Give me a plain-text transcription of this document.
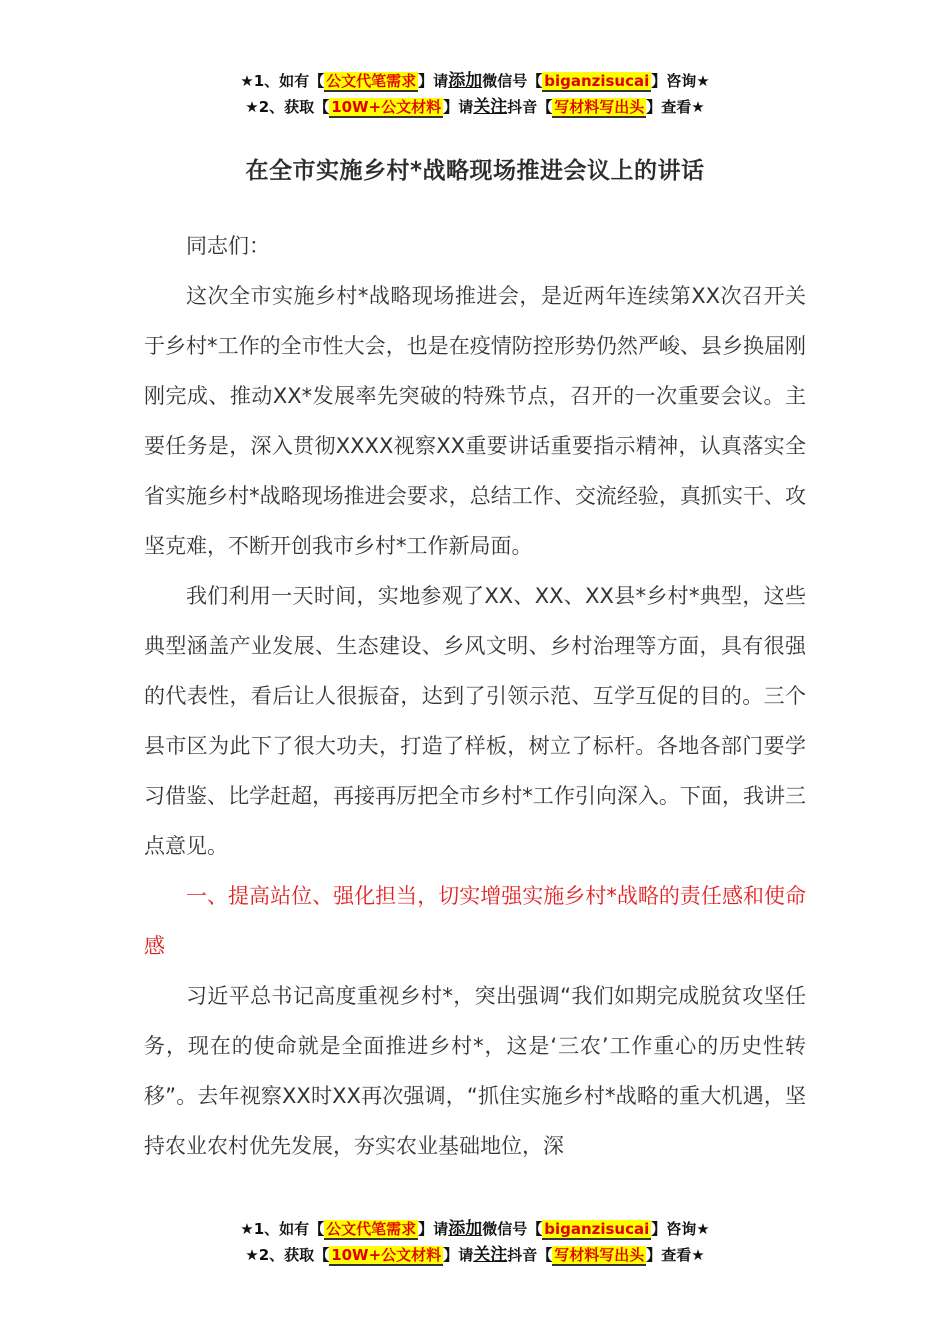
★1、如有【 公文代笔需求 】请添加微信号【 biganzisucai 】咨询★
★2、获取【 10W+公文材料 】请关注抖音【 写材料写出头 】查看★
在全市实施乡村*战略现场推进会议上的讲话

同志们：

这次全市实施乡村*战略现场推进会，是近两年连续第XX次召开关于乡村*工作的全市性大会，也是在疫情防控形势仍然严峻、县乡换届刚刚完成、推动XX*发展率先突破的特殊节点，召开的一次重要会议。主要任务是，深入贯彻XXXX视察XX重要讲话重要指示精神，认真落实全省实施乡村*战略现场推进会要求，总结工作、交流经验，真抓实干、攻坚克难，不断开创我市乡村*工作新局面。

我们利用一天时间，实地参观了XX、XX、XX县*乡村*典型，这些典型涵盖产业发展、生态建设、乡风文明、乡村治理等方面，具有很强的代表性，看后让人很振奋，达到了引领示范、互学互促的目的。三个县市区为此下了很大功夫，打造了样板，树立了标杆。各地各部门要学习借鉴、比学赶超，再接再厉把全市乡村*工作引向深入。下面，我讲三点意见。

一、提高站位、强化担当，切实增强实施乡村*战略的责任感和使命感

习近平总书记高度重视乡村*，突出强调“我们如期完成脱贫攻坚任务，现在的使命就是全面推进乡村*，这是‘三农’工作重心的历史性转移”。去年视察XX时XX再次强调，“抓住实施乡村*战略的重大机遇，坚持农业农村优先发展，夯实农业基础地位，深

★1、如有【 公文代笔需求 】请添加微信号【 biganzisucai 】咨询★
★2、获取【 10W+公文材料 】请关注抖音【 写材料写出头 】查看★
